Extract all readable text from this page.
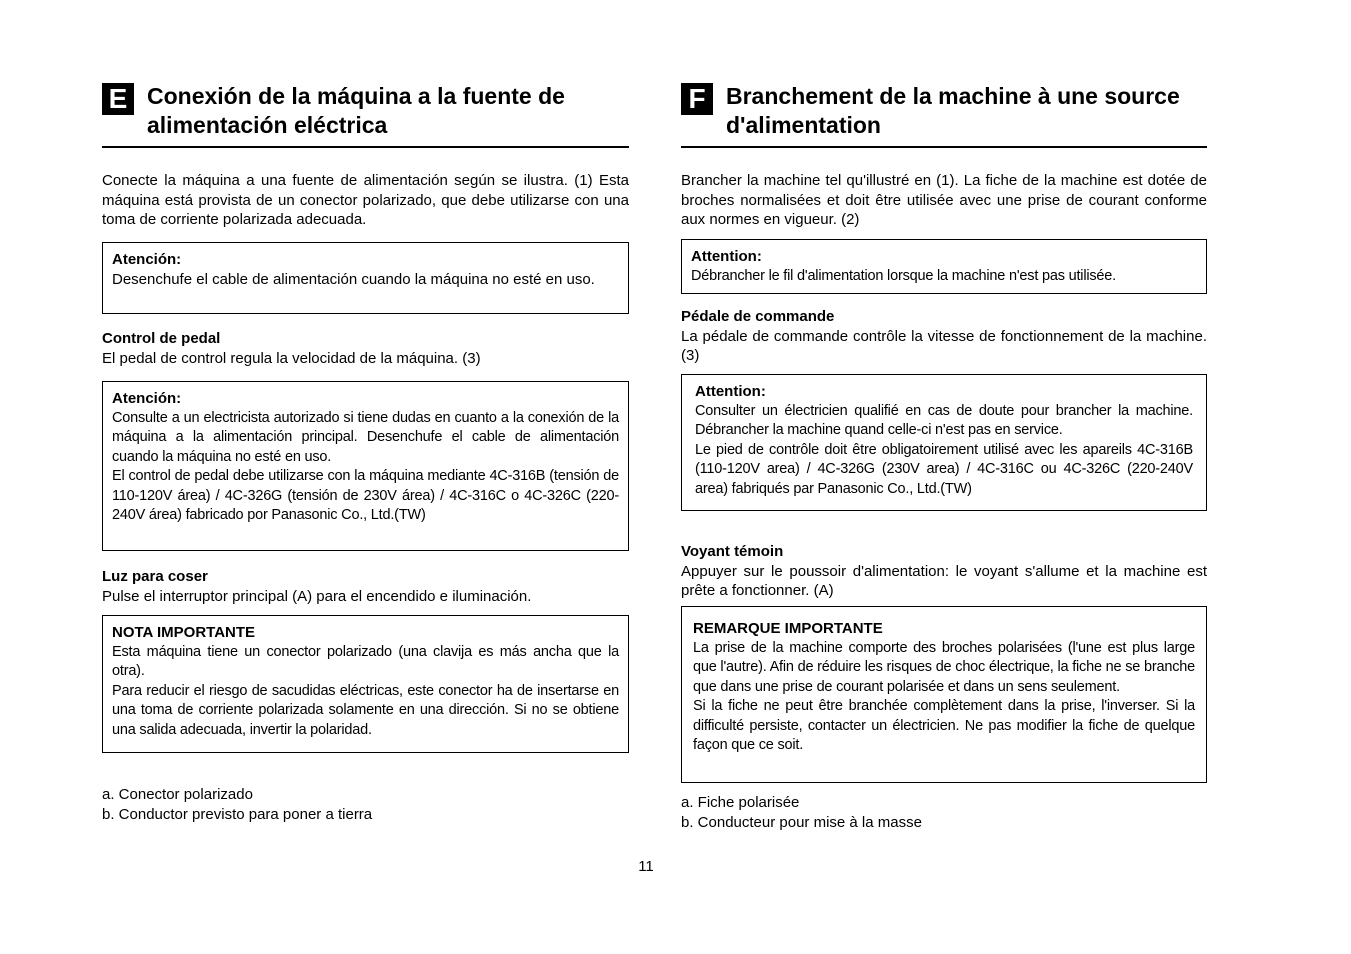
E Conexión de la máquina a la fuente de alimentación eléctrica

Conecte la máquina a una fuente de alimentación según se ilustra. (1) Esta máquina está provista de un conector polarizado, que debe utilizarse con una toma de corriente polarizada adecuada.

Atención:

Desenchufe el cable de alimentación cuando la máquina no esté en uso.

Control de pedal

El pedal de control regula la velocidad de la máquina. (3)

Atención:

Consulte a un electricista autorizado si tiene dudas en cuanto a la conexión de la máquina a la alimentación principal. Desenchufe el cable de alimentación cuando la máquina no esté en uso.

El control de pedal debe utilizarse con la máquina mediante 4C-316B (tensión de 110-120V área) / 4C-326G (tensión de 230V área) / 4C-316C o 4C-326C (220-240V área) fabricado por Panasonic Co., Ltd.(TW)

Luz para coser

Pulse el interruptor principal (A) para el encendido e iluminación.

NOTA IMPORTANTE

Esta máquina tiene un conector polarizado (una clavija es más ancha que la otra).

Para reducir el riesgo de sacudidas eléctricas, este conector ha de insertarse en una toma de corriente polarizada solamente en una dirección. Si no se obtiene una salida adecuada, invertir la polaridad.

a. Conector polarizado
b. Conductor previsto para poner a tierra
F Branchement de la machine à une source d'alimentation

Brancher la machine tel qu'illustré en (1). La fiche de la machine est dotée de broches normalisées et doit être utilisée avec une prise de courant conforme aux normes en vigueur. (2)

Attention:

Débrancher le fil d'alimentation lorsque la machine n'est pas utilisée.

Pédale de commande

La pédale de commande contrôle la vitesse de fonctionnement de la machine. (3)

Attention:

Consulter un électricien qualifié en cas de doute pour brancher la machine. Débrancher la machine quand celle-ci n'est pas en service.

Le pied de contrôle doit être obligatoirement utilisé avec les apareils 4C-316B (110-120V area) / 4C-326G (230V area) / 4C-316C ou 4C-326C (220-240V area) fabriqués par Panasonic Co., Ltd.(TW)

Voyant témoin

Appuyer sur le poussoir d'alimentation: le voyant s'allume et la machine est prête a fonctionner. (A)

REMARQUE IMPORTANTE

La prise de la machine comporte des broches polarisées (l'une est plus large que l'autre). Afin de réduire les risques de choc électrique, la fiche ne se branche que dans une prise de courant polarisée et dans un sens seulement.

Si la fiche ne peut être branchée complètement dans la prise, l'inverser. Si la difficulté persiste, contacter un électricien. Ne pas modifier la fiche de quelque façon que ce soit.

a. Fiche polarisée
b. Conducteur pour mise à la masse
11
